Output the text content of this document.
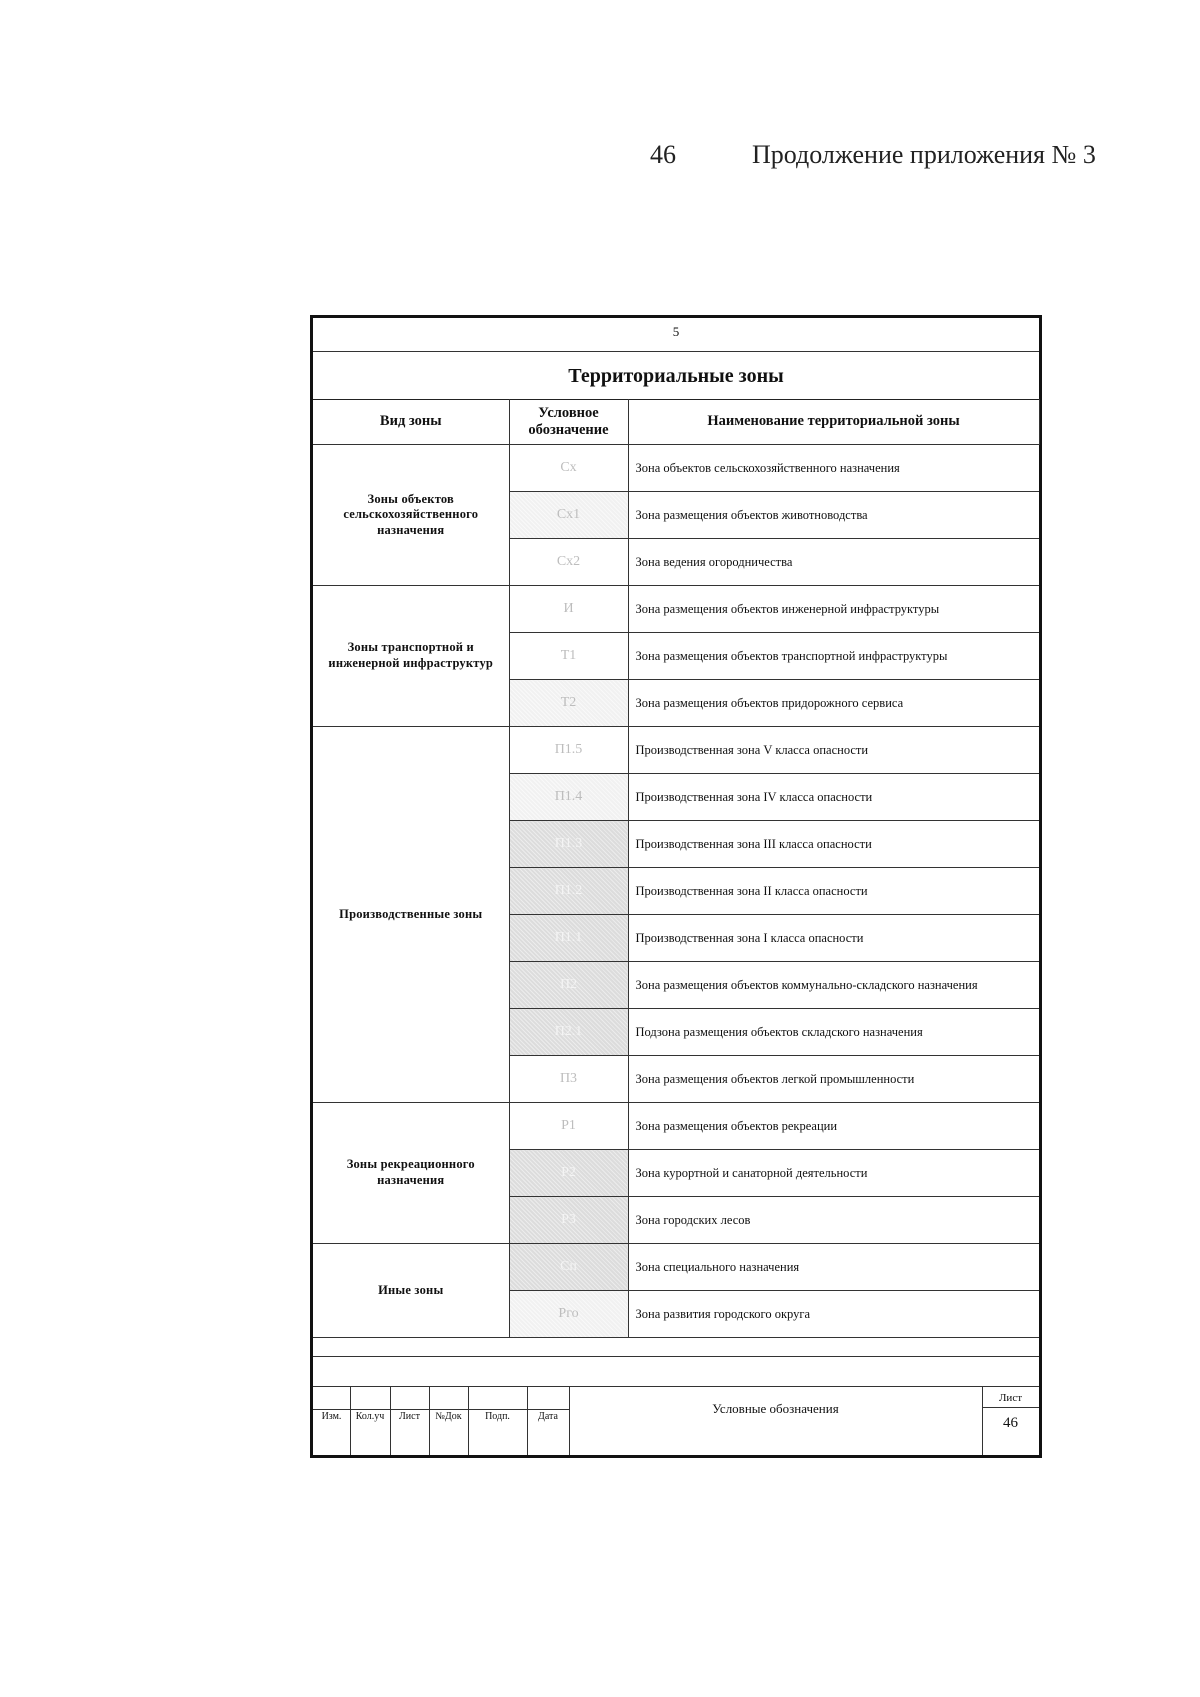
46	Продолжение приложения № 3
5
Территориальные зоны
Вид зоны	Условное обозначение	Наименование территориальной зоны
Зоны объектов сельскохозяйственного назначения	Сх	Зона объектов сельскохозяйственного назначения
	Сх1	Зона размещения объектов животноводства
	Сх2	Зона ведения огородничества
Зоны транспортной и инженерной инфраструктур	И	Зона размещения объектов инженерной инфраструктуры
	Т1	Зона размещения объектов транспортной инфраструктуры
	Т2	Зона размещения объектов придорожного сервиса
Производственные зоны	П1.5	Производственная зона V класса опасности
	П1.4	Производственная зона IV класса опасности
	П1.3	Производственная зона III класса опасности
	П1.2	Производственная зона II класса опасности
	П1.1	Производственная зона I класса опасности
	П2	Зона размещения объектов коммунально-складского назначения
	П2.1	Подзона размещения объектов складского назначения
	П3	Зона размещения объектов легкой промышленности
Зоны рекреационного назначения	Р1	Зона размещения объектов рекреации
	Р2	Зона курортной и санаторной деятельности
	Р3	Зона городских лесов
Иные зоны	Сп	Зона специального назначения
	Рго	Зона развития городского округа
Изм.	Кол.уч	Лист	№Док	Подп.	Дата
Условные обозначения
Лист
46
